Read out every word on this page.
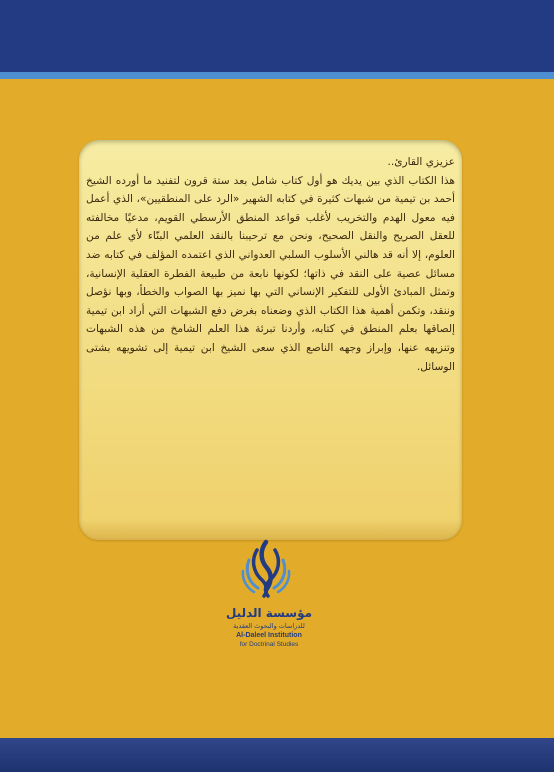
عزيزي القارئ..

هذا الكتاب الذي بين يديك هو أول كتاب شامل بعد ستة قرون لتفنيد ما أورده الشيخ أحمد بن تيمية من شبهات كثيرة في كتابه الشهير «الرد على المنطقيين»، الذي أعمل فيه معول الهدم والتخريب لأغلب قواعد المنطق الأرسطي القويم، مدعيًا مخالفته للعقل الصريح والنقل الصحيح، ونحن مع ترحيبنا بالنقد العلمي البنّاء لأي علم من العلوم، إلا أنه قد هالني الأسلوب السلبي العدواني الذي اعتمده المؤلف في كتابه ضد مسائل عصية على النقد في ذاتها؛ لكونها نابعة من طبيعة الفطرة العقلية الإنسانية، وتمثل المبادئ الأولى للتفكير الإنساني التي بها نميز بها الصواب والخطأ، وبها نؤصل وننقد، وتكمن أهمية هذا الكتاب الذي وضعناه بغرض دفع الشبهات التي أراد ابن تيمية إلصاقها بعلم المنطق في كتابه، وأردنا تبرئة هذا العلم الشامخ من هذه الشبهات وتنزيهه عنها، وإبراز وجهه الناصع الذي سعى الشيخ ابن تيمية إلى تشويهه بشتى الوسائل.

مؤسسة الدليل
للدراسات والبحوث العقدية
Al-Daleel Institution
for Doctrinal Studies
